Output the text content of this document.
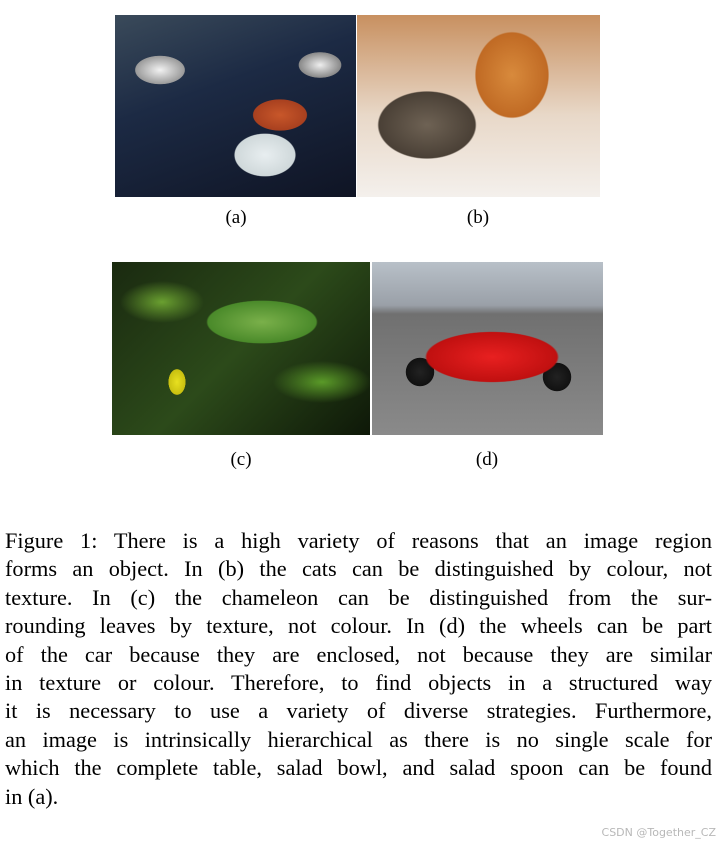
(a)	(b)
(c)	(d)
Figure 1: There is a high variety of reasons that an image region
forms an object. In (b) the cats can be distinguished by colour, not
texture. In (c) the chameleon can be distinguished from the sur-
rounding leaves by texture, not colour. In (d) the wheels can be part
of the car because they are enclosed, not because they are similar
in texture or colour. Therefore, to find objects in a structured way
it is necessary to use a variety of diverse strategies. Furthermore,
an image is intrinsically hierarchical as there is no single scale for
which the complete table, salad bowl, and salad spoon can be found
in (a).
CSDN @Together_CZ
